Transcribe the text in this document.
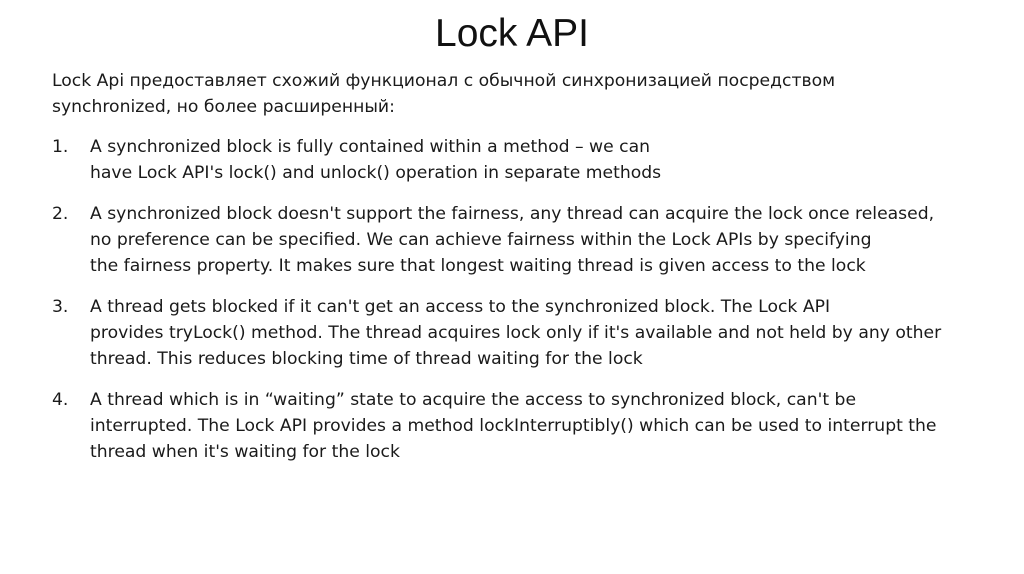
Lock API
Lock Api предоставляет схожий функционал с обычной синхронизацией посредством
synchronized, но более расширенный:
1.	A synchronized block is fully contained within a method – we can
have Lock API's lock() and unlock() operation in separate methods
2.	A synchronized block doesn't support the fairness, any thread can acquire the lock once released,
no preference can be specified. We can achieve fairness within the Lock APIs by specifying
the fairness property. It makes sure that longest waiting thread is given access to the lock
3.	A thread gets blocked if it can't get an access to the synchronized block. The Lock API
provides tryLock() method. The thread acquires lock only if it's available and not held by any other
thread. This reduces blocking time of thread waiting for the lock
4.	A thread which is in “waiting” state to acquire the access to synchronized block, can't be
interrupted. The Lock API provides a method lockInterruptibly() which can be used to interrupt the
thread when it's waiting for the lock
